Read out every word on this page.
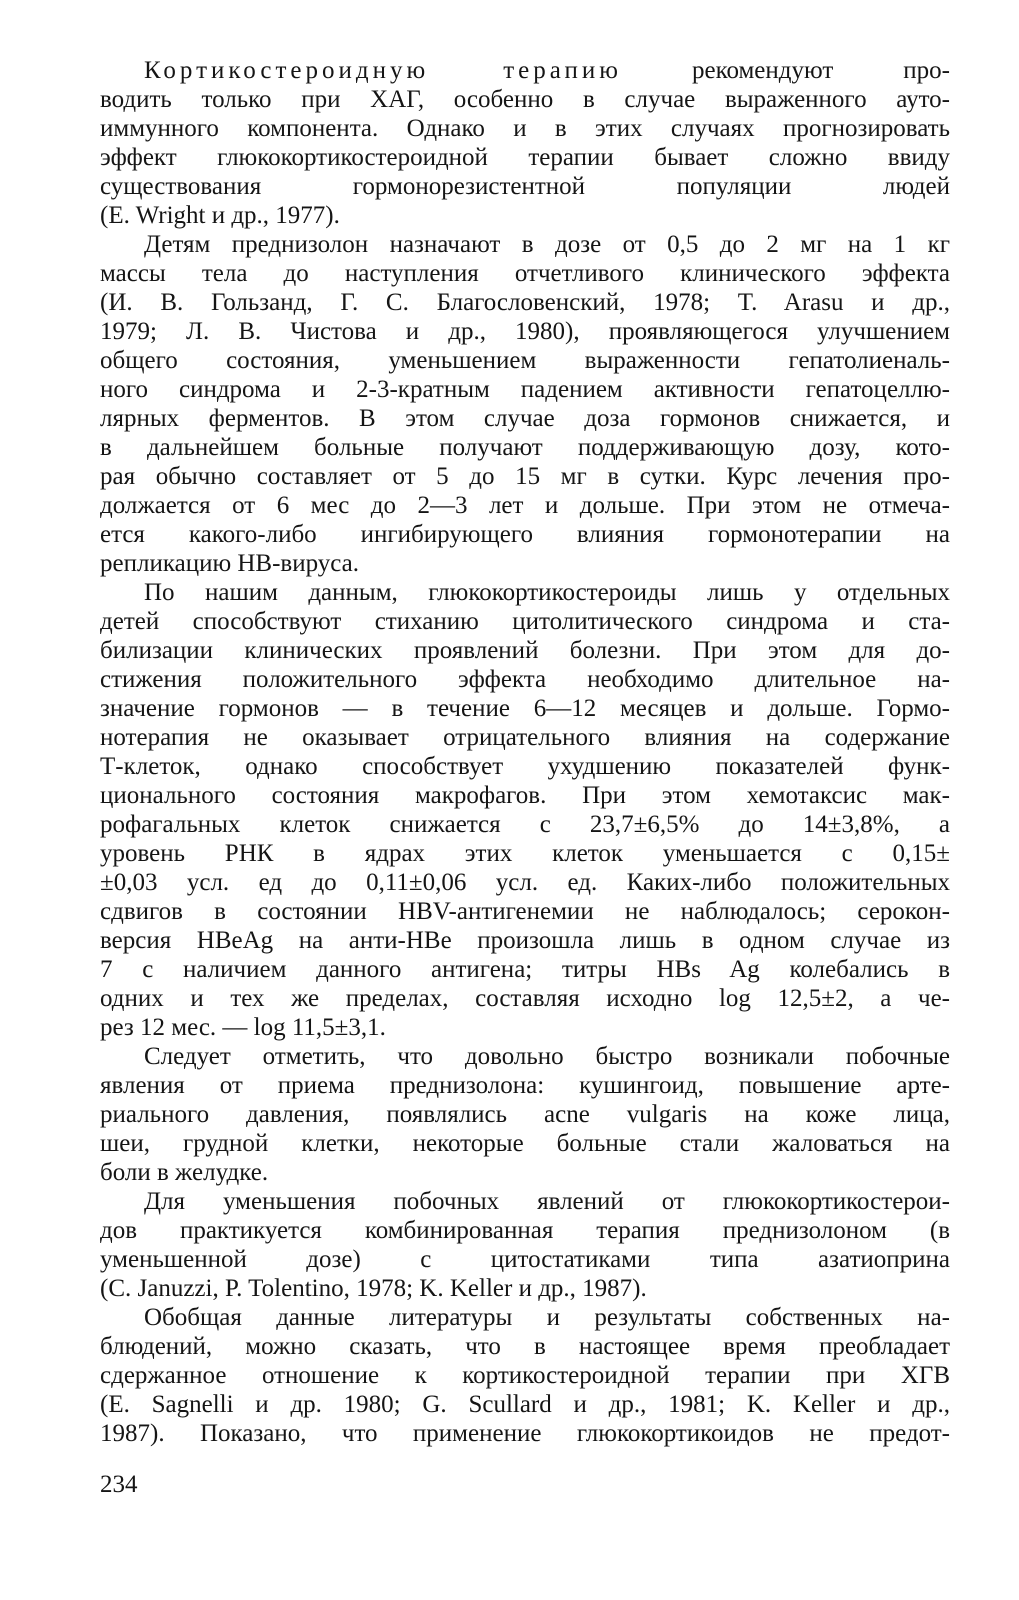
Кортикостероидную терапию рекомендуют про-
водить только при ХАГ, особенно в случае выраженного ауто-
иммунного компонента. Однако и в этих случаях прогнозировать
эффект глюкокортикостероидной терапии бывает сложно ввиду
существования гормонорезистентной популяции людей
(E. Wright и др., 1977).
Детям преднизолон назначают в дозе от 0,5 до 2 мг на 1 кг
массы тела до наступления отчетливого клинического эффекта
(И. В. Гользанд, Г. С. Благословенский, 1978; T. Arasu и др.,
1979; Л. В. Чистова и др., 1980), проявляющегося улучшением
общего состояния, уменьшением выраженности гепатолиеналь-
ного синдрома и 2-3-кратным падением активности гепатоцеллю-
лярных ферментов. В этом случае доза гормонов снижается, и
в дальнейшем больные получают поддерживающую дозу, кото-
рая обычно составляет от 5 до 15 мг в сутки. Курс лечения про-
должается от 6 мес до 2—3 лет и дольше. При этом не отмеча-
ется какого-либо ингибирующего влияния гормонотерапии на
репликацию HB-вируса.
По нашим данным, глюкокортикостероиды лишь у отдельных
детей способствуют стиханию цитолитического синдрома и ста-
билизации клинических проявлений болезни. При этом для до-
стижения положительного эффекта необходимо длительное на-
значение гормонов — в течение 6—12 месяцев и дольше. Гормо-
нотерапия не оказывает отрицательного влияния на содержание
Т-клеток, однако способствует ухудшению показателей функ-
ционального состояния макрофагов. При этом хемотаксис мак-
рофагальных клеток снижается с 23,7±6,5% до 14±3,8%, а
уровень РНК в ядрах этих клеток уменьшается с 0,15±
±0,03 усл. ед до 0,11±0,06 усл. ед. Каких-либо положительных
сдвигов в состоянии HBV-антигенемии не наблюдалось; серокон-
версия HBeAg на анти-HBe произошла лишь в одном случае из
7 с наличием данного антигена; титры HBs Ag колебались в
одних и тех же пределах, составляя исходно log 12,5±2, а че-
рез 12 мес. — log 11,5±3,1.
Следует отметить, что довольно быстро возникали побочные
явления от приема преднизолона: кушингоид, повышение арте-
риального давления, появлялись acne vulgaris на коже лица,
шеи, грудной клетки, некоторые больные стали жаловаться на
боли в желудке.
Для уменьшения побочных явлений от глюкокортикостерои-
дов практикуется комбинированная терапия преднизолоном (в
уменьшенной дозе) с цитостатиками типа азатиоприна
(C. Januzzi, P. Tolentino, 1978; K. Keller и др., 1987).
Обобщая данные литературы и результаты собственных на-
блюдений, можно сказать, что в настоящее время преобладает
сдержанное отношение к кортикостероидной терапии при ХГВ
(E. Sagnelli и др. 1980; G. Scullard и др., 1981; K. Keller и др.,
1987). Показано, что применение глюкокортикоидов не предот-
234
